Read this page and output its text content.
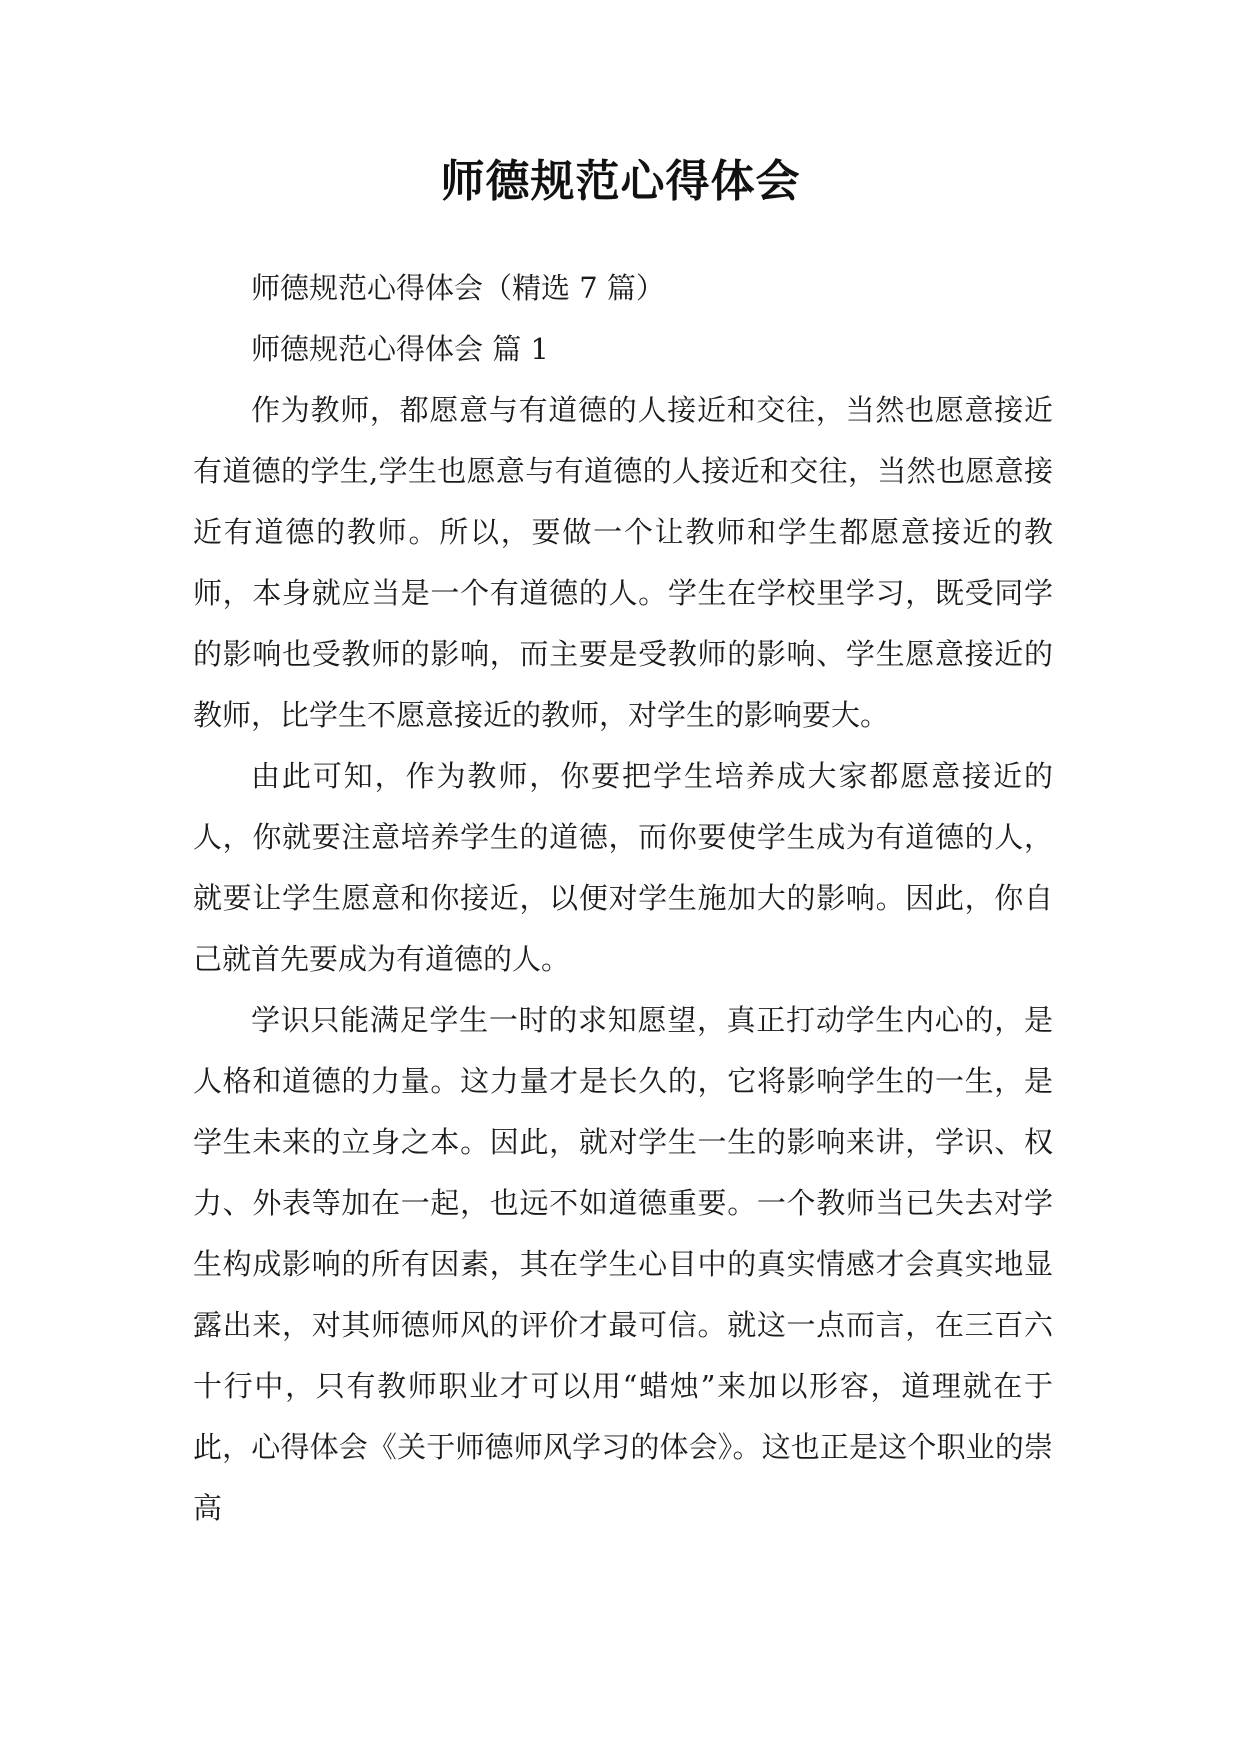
师德规范心得体会

师德规范心得体会（精选 7 篇）

师德规范心得体会 篇 1

作为教师，都愿意与有道德的人接近和交往，当然也愿意接近有道德的学生,学生也愿意与有道德的人接近和交往，当然也愿意接近有道德的教师。所以，要做一个让教师和学生都愿意接近的教师，本身就应当是一个有道德的人。学生在学校里学习，既受同学的影响也受教师的影响，而主要是受教师的影响、学生愿意接近的教师，比学生不愿意接近的教师，对学生的影响要大。

由此可知，作为教师，你要把学生培养成大家都愿意接近的人，你就要注意培养学生的道德，而你要使学生成为有道德的人，就要让学生愿意和你接近，以便对学生施加大的影响。因此，你自己就首先要成为有道德的人。

学识只能满足学生一时的求知愿望，真正打动学生内心的，是人格和道德的力量。这力量才是长久的，它将影响学生的一生，是学生未来的立身之本。因此，就对学生一生的影响来讲，学识、权力、外表等加在一起，也远不如道德重要。一个教师当已失去对学生构成影响的所有因素，其在学生心目中的真实情感才会真实地显露出来，对其师德师风的评价才最可信。就这一点而言，在三百六十行中，只有教师职业才可以用“蜡烛”来加以形容，道理就在于此，心得体会《关于师德师风学习的体会》。这也正是这个职业的崇高
